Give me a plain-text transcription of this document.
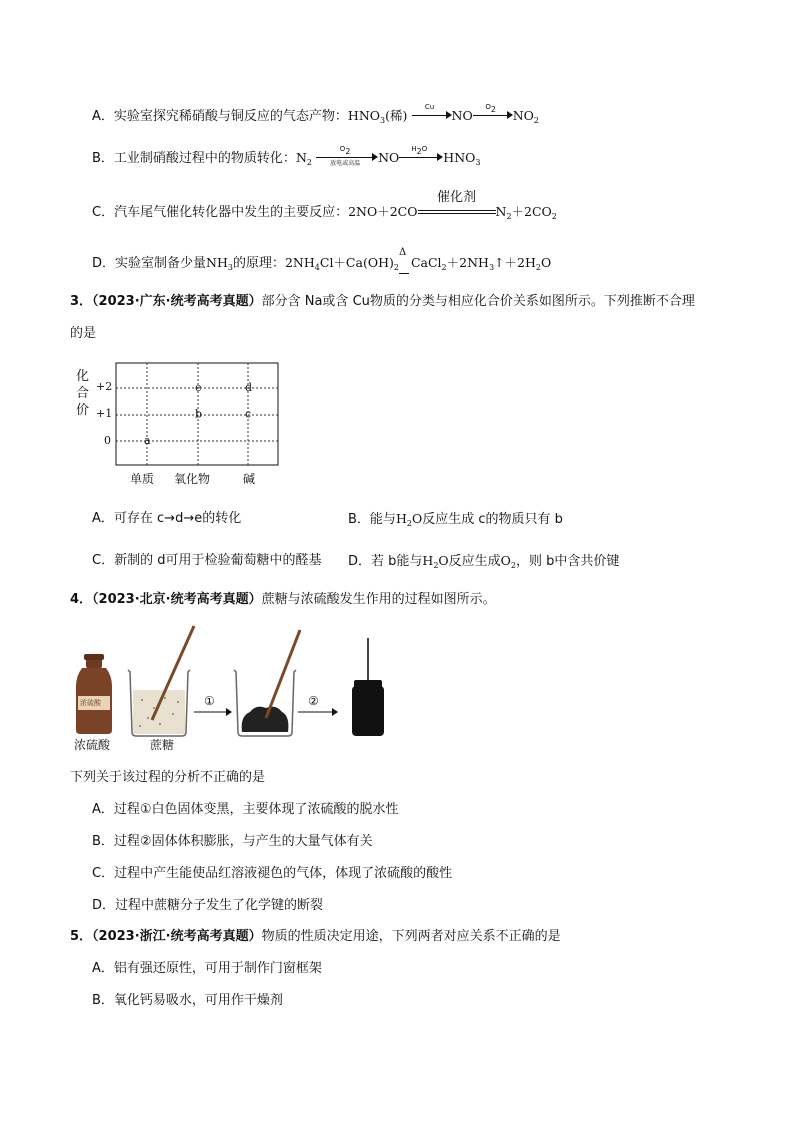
A．实验室探究稀硝酸与铜反应的气态产物：$HNO_3$(稀)
Cu
NO
$O_2$	$NO_2$
B．工业制硝酸过程中的物质转化：$N_2$
$O_2$
放电或高温	NO
$H_2O$
$HNO_3$
C．汽车尾气催化转化器中发生的主要反应：2NO＋2CO
催化剂
$N_2+2CO_2$
D．实验室制备少量$NH_3$的原理：$2NH_4Cl+Ca(OH)_2$
Δ
$CaCl_2+2NH_3↑+2H_2O$
3．（2023·广东·统考高考真题）部分含 Na或含 Cu物质的分类与相应化合价关系如图所示。下列推断不合理
的是
a
b
e
c
d
化
合
价
+2
+1
0
单质 氧化物	碱
A．可存在 c→d→e的转化	B．能与$H_2O$反应生成 c的物质只有 b
C．新制的 d可用于检验葡萄糖中的醛基 D．若 b能与$H_2O$反应生成$O_2$，则 b中含共价键
4．（2023·北京·统考高考真题）蔗糖与浓硫酸发生作用的过程如图所示。
浓硫酸	①	②
浓硫酸	蔗糖
下列关于该过程的分析不正确的是
A．过程①白色固体变黑，主要体现了浓硫酸的脱水性
B．过程②固体体积膨胀，与产生的大量气体有关
C．过程中产生能使品红溶液褪色的气体，体现了浓硫酸的酸性
D．过程中蔗糖分子发生了化学键的断裂
5．（2023·浙江·统考高考真题）物质的性质决定用途，下列两者对应关系不正确的是
A．铝有强还原性，可用于制作门窗框架
B．氧化钙易吸水，可用作干燥剂
